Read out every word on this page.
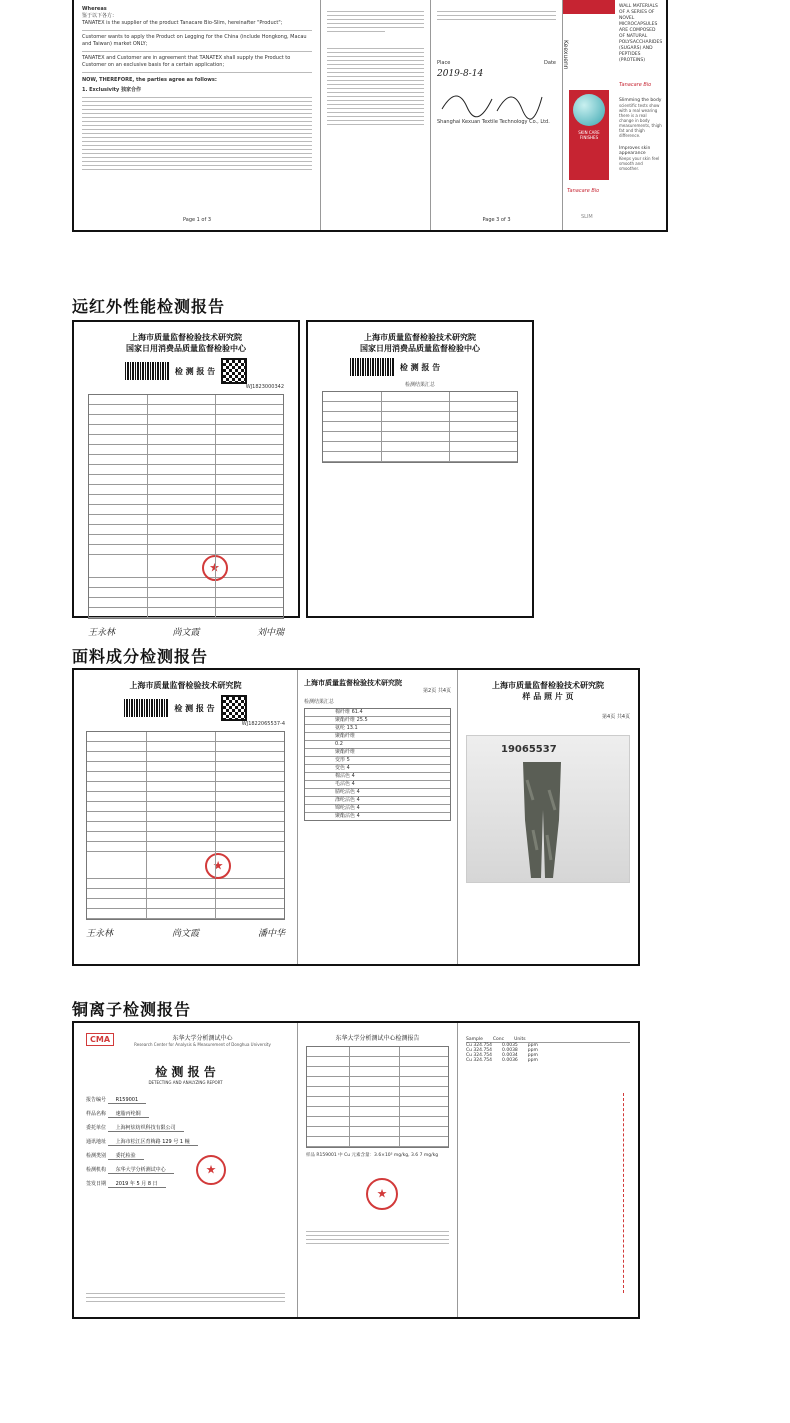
Whereas
鉴于以下各方：
TANATEX is the supplier of the product Tanacare Bio-Slim, hereinafter "Product";
Customer wants to apply the Product on Legging for the China (include Hongkong, Macau and Taiwan) market ONLY;
TANATEX and Customer are in agreement that TANATEX shall supply the Product to Customer on an exclusive basis for a certain application;
NOW, THEREFORE, the parties agree as follows:
1. Exclusivity 独家合作
Page 1 of 3
Place	Date
2019-8-14
Shanghai Kexuan Textile Technology Co., Ltd.
Page 3 of 3
Keexuenn
SKIN CARE FINISHES
Tanacare Bio
SLIM
WALL MATERIALS OF A SERIES OF NOVEL MICROCAPSULES ARE COMPOSED OF NATURAL POLYSACCHARIDES (SUGARS) AND PEPTIDES (PROTEINS)
Tanacare Bio
Slimming the body
scientific tests show with a real wearing there is a real change in body measurements, thigh fat and thigh difference.
Improves skin appearance
Keeps your skin feel smooth and smoother.
远红外性能检测报告
上海市质量监督检验技术研究院
国家日用消费品质量监督检验中心
检 测 报 告
WJ1823000342
★
王永林	尚文霞	刘中瑞
上海市质量监督检验技术研究院
国家日用消费品质量监督检验中心
检 测 报 告
检测结果汇总
面料成分检测报告
上海市质量监督检验技术研究院
检 测 报 告
WJ1822065537-4
★
王永林	尚文霞	潘中华
上海市质量监督检验技术研究院
第2页 共4页
检测结果汇总
棉纤维 61.4
聚酯纤维 25.5
氨纶 13.1
聚酯纤维
0.2
聚酯纤维
变形 5
变色 4
棉沾色 4
毛沾色 4
腈纶沾色 4
涤纶沾色 4
锦纶沾色 4
聚酯沾色 4
上海市质量监督检验技术研究院
样 品 照 片 页
第4页 共4页
19065537
铜离子检测报告
CMA	东华大学分析测试中心
Research Center for Analysis & Measurement of Donghua University
检 测 报 告
DETECTING AND ANALYZING REPORT
报告编号 R159001
样品名称 速脂丙纶铜
委托单位 上海柯炫纺织科技有限公司
通讯地址 上海市松江区育梅路 129 号 1 幢
检测类别 委托检验
检测机构 东华大学分析测试中心
★
签发日期 2019 年 5 月 8 日
东华大学分析测试中心检测报告
样品 R159001 中 Cu 元素含量：3.6×10³ mg/kg, 3.6 7 mg/kg
★
Sample Conc Units
Cu 324.754 0.0035 ppm
Cu 324.754 0.0038 ppm
Cu 324.754 0.0034 ppm
Cu 324.754 0.0036 ppm
